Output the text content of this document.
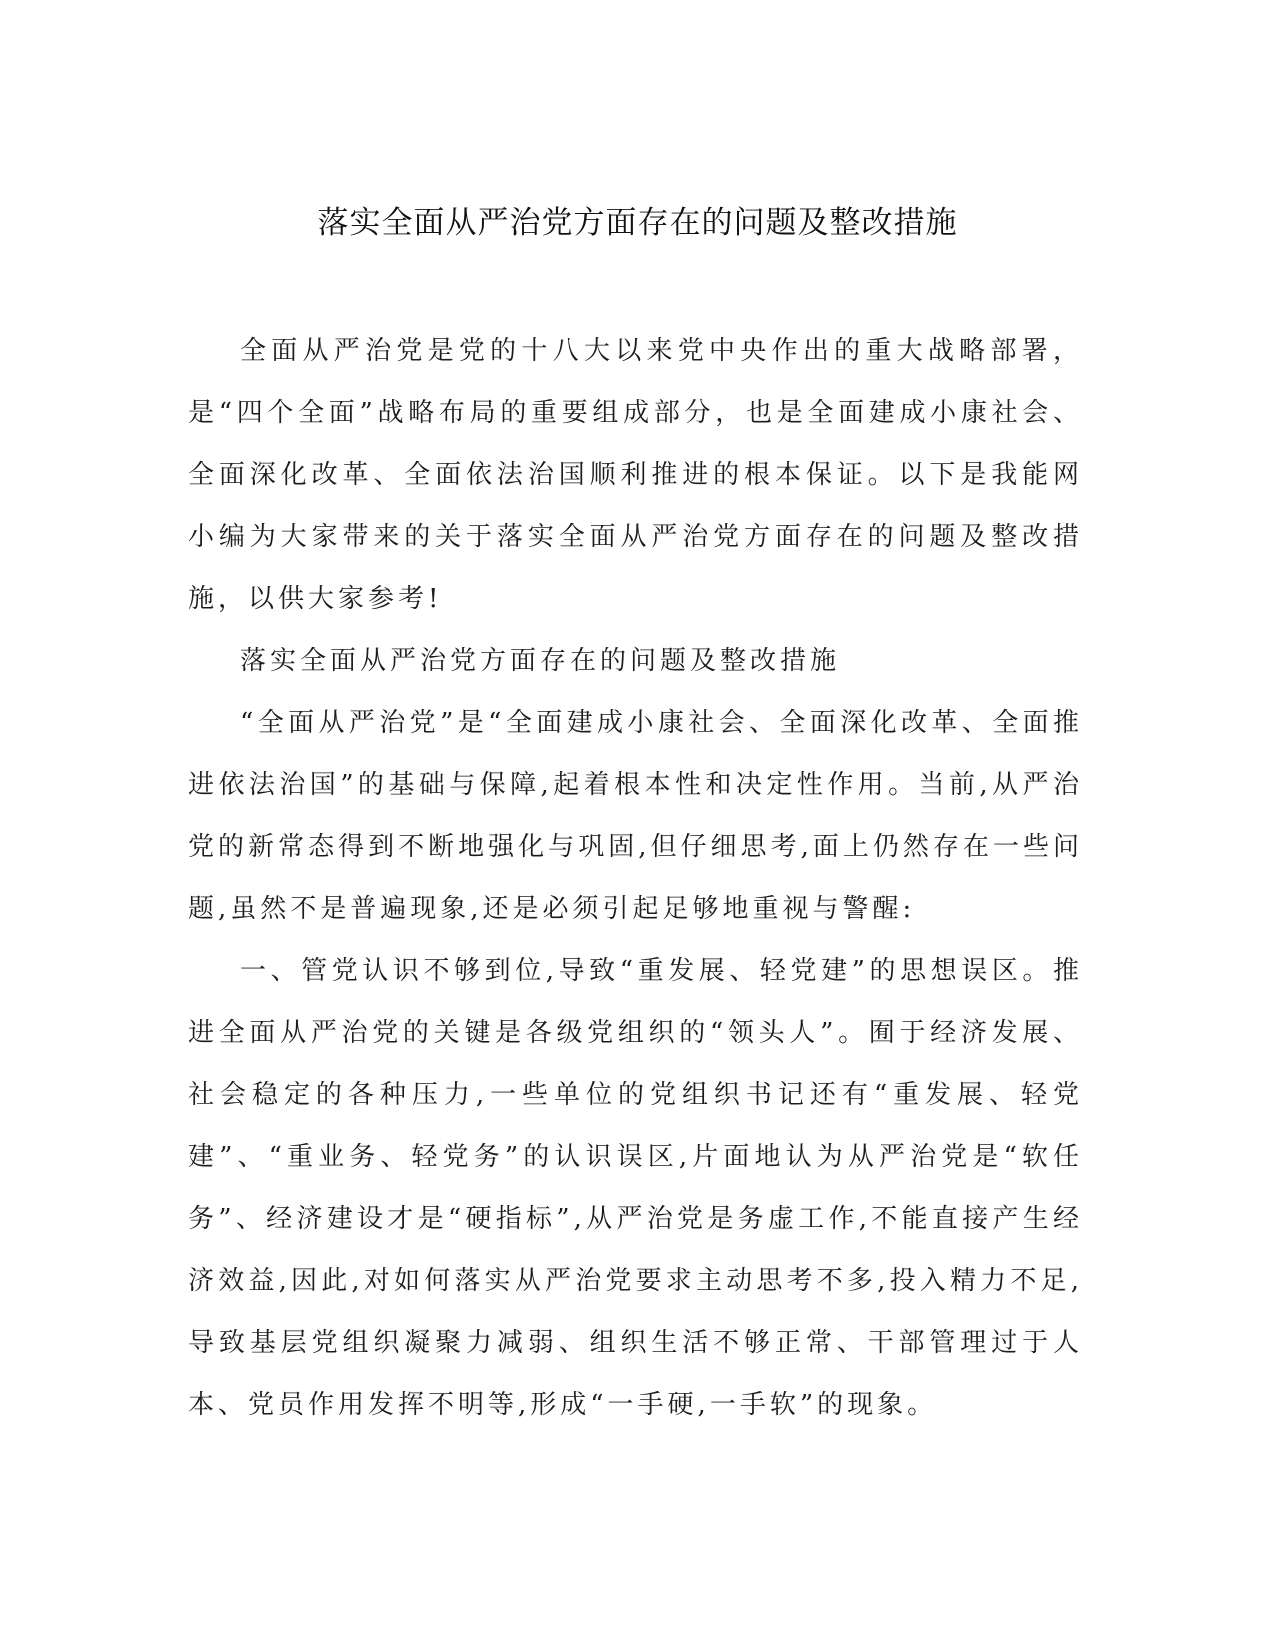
落实全面从严治党方面存在的问题及整改措施

全面从严治党是党的十八大以来党中央作出的重大战略部署，是“四个全面”战略布局的重要组成部分，也是全面建成小康社会、全面深化改革、全面依法治国顺利推进的根本保证。以下是我能网小编为大家带来的关于落实全面从严治党方面存在的问题及整改措施，以供大家参考!

落实全面从严治党方面存在的问题及整改措施

“全面从严治党”是“全面建成小康社会、全面深化改革、全面推进依法治国”的基础与保障,起着根本性和决定性作用。当前,从严治党的新常态得到不断地强化与巩固,但仔细思考,面上仍然存在一些问题,虽然不是普遍现象,还是必须引起足够地重视与警醒:

一、管党认识不够到位,导致“重发展、轻党建”的思想误区。推进全面从严治党的关键是各级党组织的“领头人”。囿于经济发展、社会稳定的各种压力,一些单位的党组织书记还有“重发展、轻党建”、“重业务、轻党务”的认识误区,片面地认为从严治党是“软任务”、经济建设才是“硬指标”,从严治党是务虚工作,不能直接产生经济效益,因此,对如何落实从严治党要求主动思考不多,投入精力不足,导致基层党组织凝聚力减弱、组织生活不够正常、干部管理过于人本、党员作用发挥不明等,形成“一手硬,一手软”的现象。
